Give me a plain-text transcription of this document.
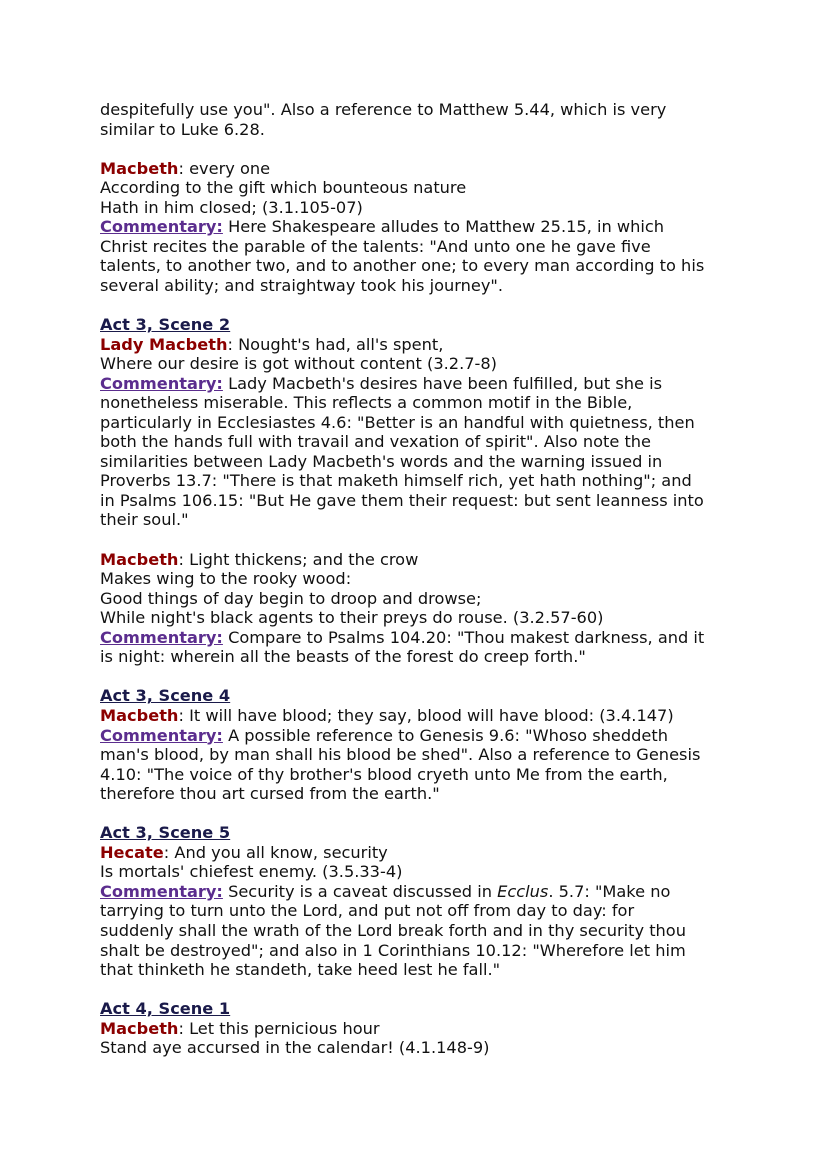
despitefully use you". Also a reference to Matthew 5.44, which is very
similar to Luke 6.28.
Macbeth: every one
According to the gift which bounteous nature
Hath in him closed; (3.1.105-07)
Commentary: Here Shakespeare alludes to Matthew 25.15, in which
Christ recites the parable of the talents: "And unto one he gave five
talents, to another two, and to another one; to every man according to his
several ability; and straightway took his journey".
Act 3, Scene 2
Lady Macbeth: Nought's had, all's spent,
Where our desire is got without content (3.2.7-8)
Commentary: Lady Macbeth's desires have been fulfilled, but she is
nonetheless miserable. This reflects a common motif in the Bible,
particularly in Ecclesiastes 4.6: "Better is an handful with quietness, then
both the hands full with travail and vexation of spirit". Also note the
similarities between Lady Macbeth's words and the warning issued in
Proverbs 13.7: "There is that maketh himself rich, yet hath nothing"; and
in Psalms 106.15: "But He gave them their request: but sent leanness into
their soul."
Macbeth: Light thickens; and the crow
Makes wing to the rooky wood:
Good things of day begin to droop and drowse;
While night's black agents to their preys do rouse. (3.2.57-60)
Commentary: Compare to Psalms 104.20: "Thou makest darkness, and it
is night: wherein all the beasts of the forest do creep forth."
Act 3, Scene 4
Macbeth: It will have blood; they say, blood will have blood: (3.4.147)
Commentary: A possible reference to Genesis 9.6: "Whoso sheddeth
man's blood, by man shall his blood be shed". Also a reference to Genesis
4.10: "The voice of thy brother's blood cryeth unto Me from the earth,
therefore thou art cursed from the earth."
Act 3, Scene 5
Hecate: And you all know, security
Is mortals' chiefest enemy. (3.5.33-4)
Commentary: Security is a caveat discussed in Ecclus. 5.7: "Make no
tarrying to turn unto the Lord, and put not off from day to day: for
suddenly shall the wrath of the Lord break forth and in thy security thou
shalt be destroyed"; and also in 1 Corinthians 10.12: "Wherefore let him
that thinketh he standeth, take heed lest he fall."
Act 4, Scene 1
Macbeth: Let this pernicious hour
Stand aye accursed in the calendar! (4.1.148-9)
